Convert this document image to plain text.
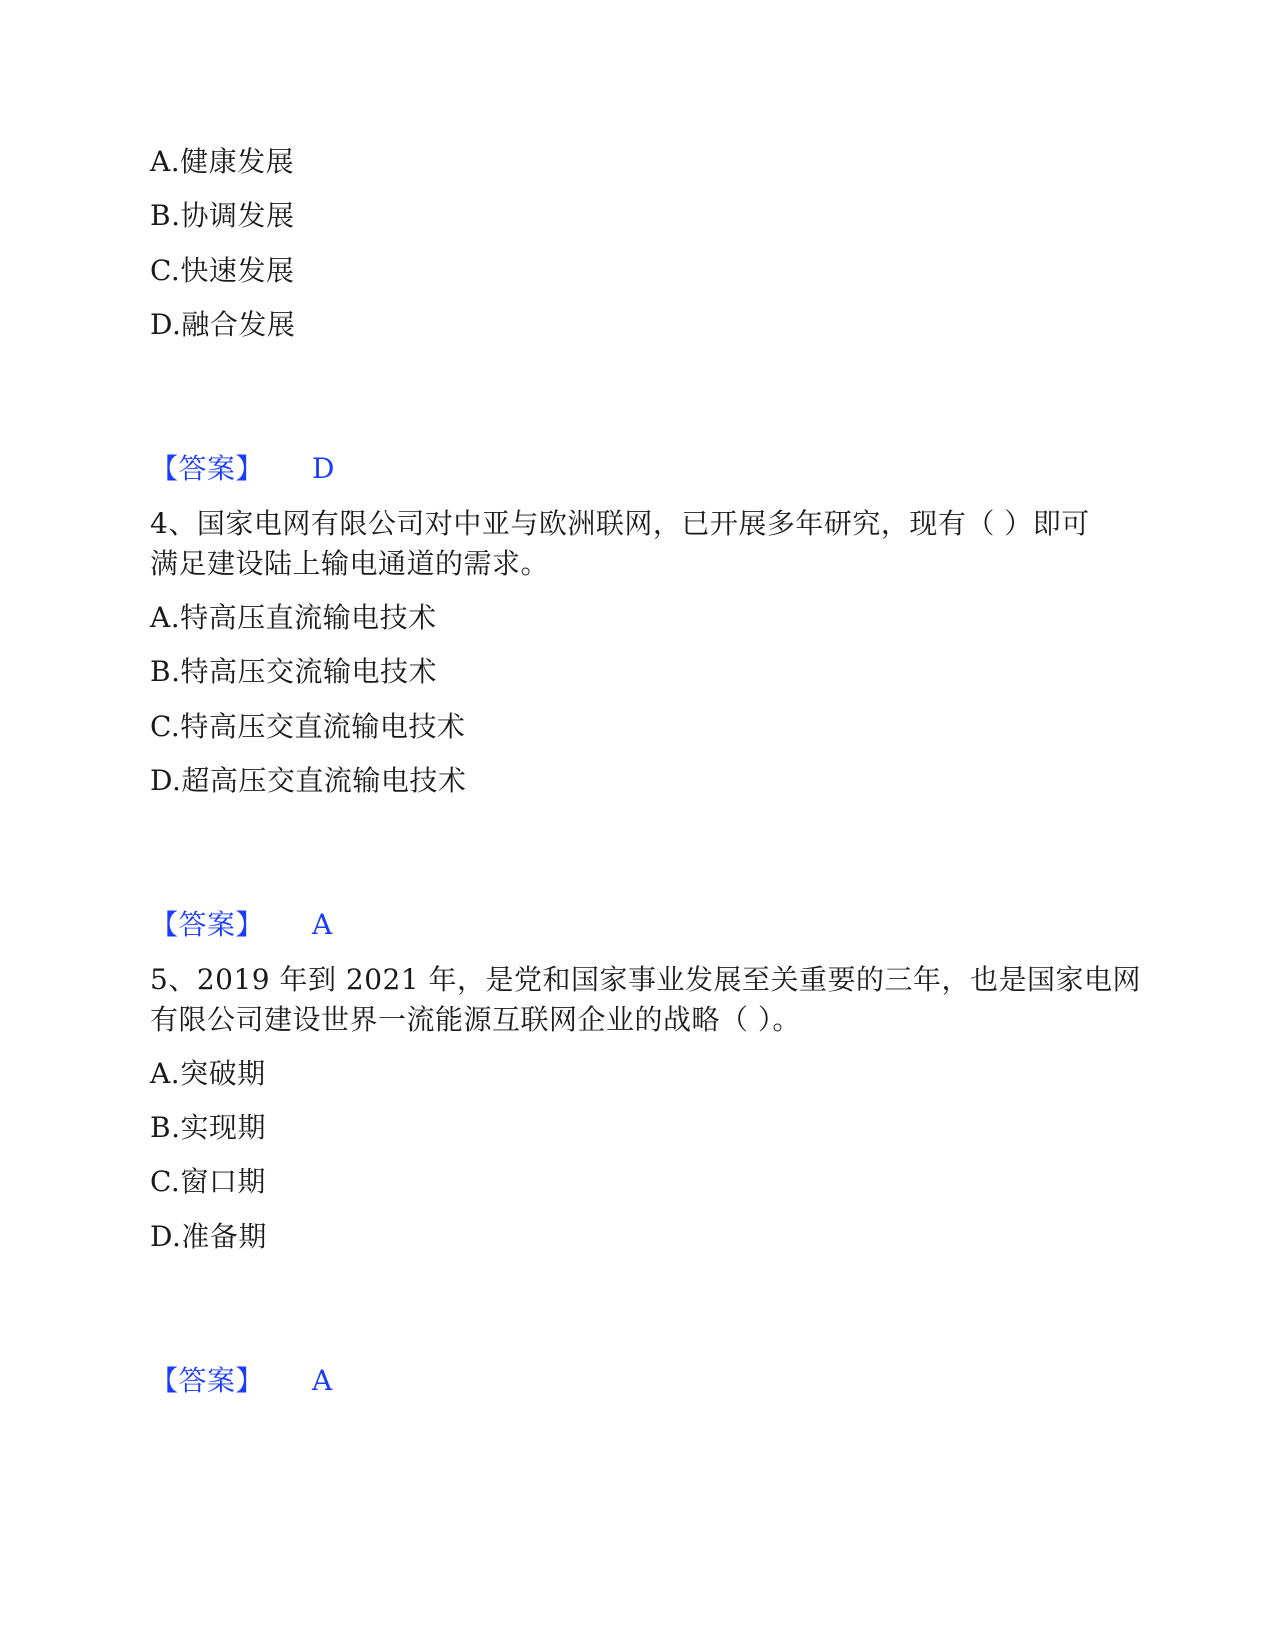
A.健康发展
B.协调发展
C.快速发展
D.融合发展
【答案】 D
4、国家电网有限公司对中亚与欧洲联网，已开展多年研究，现有（ ）即可
满足建设陆上输电通道的需求。
A.特高压直流输电技术
B.特高压交流输电技术
C.特高压交直流输电技术
D.超高压交直流输电技术
【答案】 A
5、2019 年到 2021 年，是党和国家事业发展至关重要的三年，也是国家电网
有限公司建设世界一流能源互联网企业的战略（ ）。
A.突破期
B.实现期
C.窗口期
D.准备期
【答案】 A
